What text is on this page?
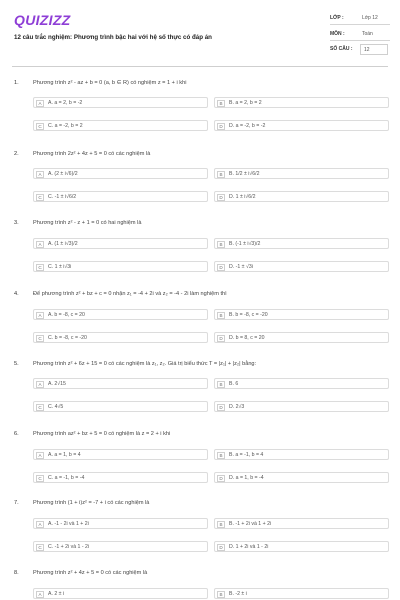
QUIZIZZ
12 câu trắc nghiệm: Phương trình bậc hai với hệ số thực có đáp án
LỚP :	Lớp 12
MÔN :	Toán
SỐ CÂU :	12
1.	Phương trình z² - az + b = 0 (a, b ∈ R) có nghiệm z = 1 + i khi
A	A. a = 2, b = -2	B	B. a = 2, b = 2
C	C. a = -2, b = 2	D	D. a = -2, b = -2
2.	Phương trình 2z² + 4z + 5 = 0 có các nghiệm là
A	A. (2 ± i√6)/2	B	B. 1/2 ± i√6/2
C	C. -1 ± i√6/2	D	D. 1 ± i√6/2
3.	Phương trình z² - z + 1 = 0 có hai nghiệm là
A	A. (1 ± i√3)/2	B	B. (-1 ± i√3)/2
C	C. 1 ± i√3i	D	D. -1 ± √3i
4.	Để phương trình z² + bz + c = 0 nhận z₁ = -4 + 2i và z₂ = -4 - 2i làm nghiệm thì
A	A. b = -8, c = 20	B	B. b = -8, c = -20
C	C. b = -8, c = -20	D	D. b = 8, c = 20
5.	Phương trình z² + 6z + 15 = 0 có các nghiệm là z₁, z₂. Giá trị biểu thức T = |z₁| + |z₂| bằng:
A	A. 2√15	B	B. 6
C	C. 4√5	D	D. 2√3
6.	Phương trình az² + bz + 5 = 0 có nghiệm là z = 2 + i khi
A	A. a = 1, b = 4	B	B. a = -1, b = 4
C	C. a = -1, b = -4	D	D. a = 1, b = -4
7.	Phương trình (1 + i)z² = -7 + i có các nghiệm là
A	A. -1 - 2i và 1 + 2i	B	B. -1 + 2i và 1 + 2i
C	C. -1 + 2i và 1 - 2i	D	D. 1 + 2i và 1 - 2i
8.	Phương trình z² + 4z + 5 = 0 có các nghiệm là
A	A. 2 ± i	B	B. -2 ± i
